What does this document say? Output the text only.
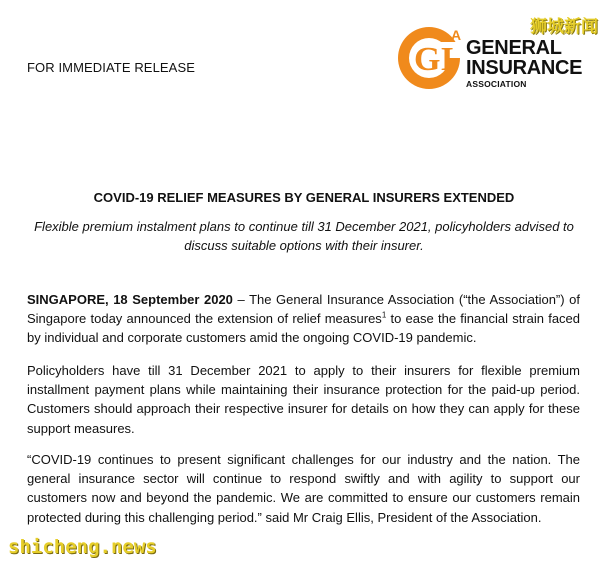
FOR IMMEDIATE RELEASE
狮城新闻
GI
A
GENERAL
INSURANCE
ASSOCIATION
COVID-19 RELIEF MEASURES BY GENERAL INSURERS EXTENDED
Flexible premium instalment plans to continue till 31 December 2021, policyholders advised to discuss suitable options with their insurer.
SINGAPORE, 18 September 2020 – The General Insurance Association (“the Association”) of Singapore today announced the extension of relief measures$^1$ to ease the financial strain faced by individual and corporate customers amid the ongoing COVID-19 pandemic.
Policyholders have till 31 December 2021 to apply to their insurers for flexible premium installment payment plans while maintaining their insurance protection for the paid-up period. Customers should approach their respective insurer for details on how they can apply for these support measures.
“COVID-19 continues to present significant challenges for our industry and the nation. The general insurance sector will continue to respond swiftly and with agility to support our customers now and beyond the pandemic. We are committed to ensure our customers remain protected during this challenging period.” said Mr Craig Ellis, President of the Association.
shicheng.news
